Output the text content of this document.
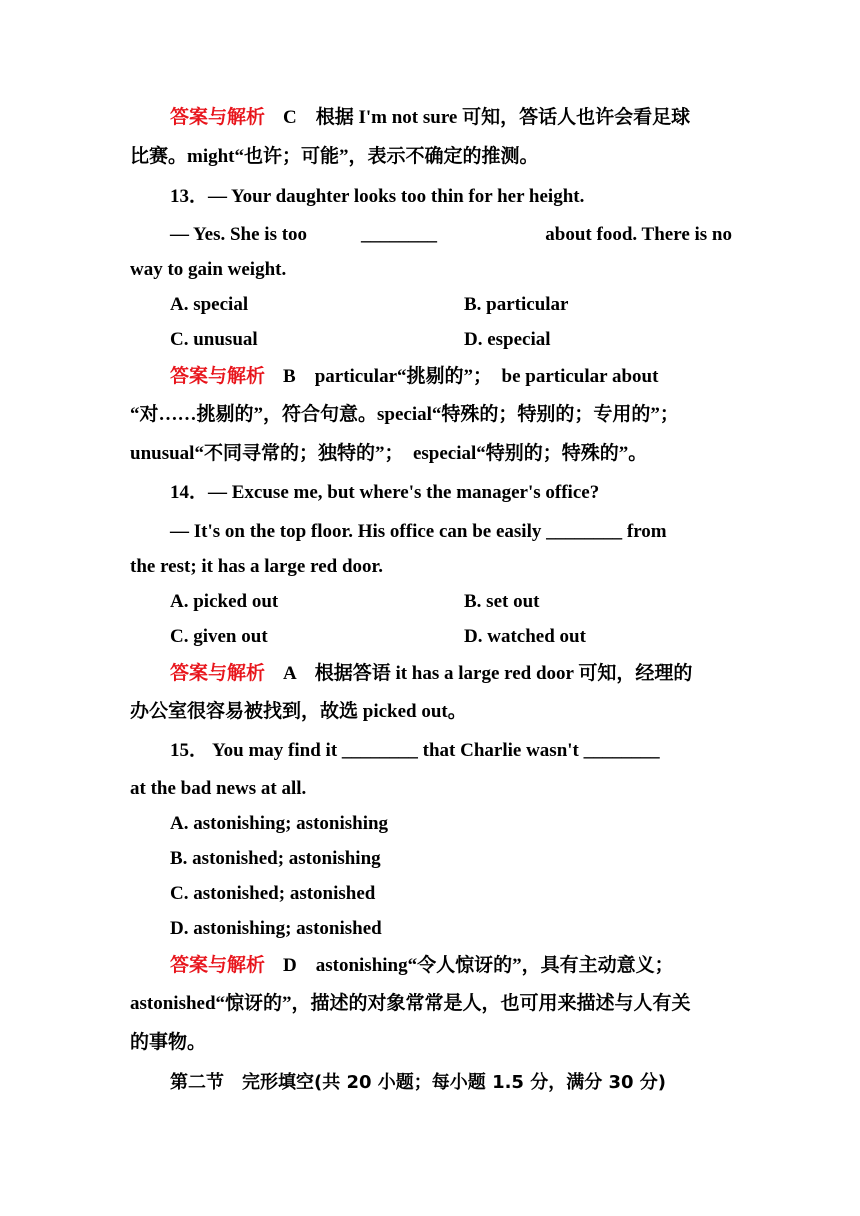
答案与解析 C　根据 I'm not sure 可知，答话人也许会看足球
比赛。might“也许；可能”，表示不确定的推测。
13．— Your daughter looks too thin for her height.
— Yes. She is too	________	about food. There is no
way to gain weight.
A. special	B. particular
C. unusual	D. especial
答案与解析 B　particular“挑剔的”；　be particular about
“对……挑剔的”，符合句意。special“特殊的；特别的；专用的”；
unusual“不同寻常的；独特的”；　especial“特别的；特殊的”。
14．— Excuse me, but where's the manager's office?
— It's on the top floor. His office can be easily ________ from
the rest; it has a large red door.
A. picked out	B. set out
C. given out	D. watched out
答案与解析 A　根据答语 it has a large red door 可知，经理的
办公室很容易被找到，故选 picked out。
15． You may find it ________ that Charlie wasn't ________
at the bad news at all.
A. astonishing; astonishing
B. astonished; astonishing
C. astonished; astonished
D. astonishing; astonished
答案与解析 D　astonishing“令人惊讶的”，具有主动意义；
astonished“惊讶的”，描述的对象常常是人，也可用来描述与人有关
的事物。
第二节　完形填空(共 20 小题；每小题 1.5 分，满分 30 分)
